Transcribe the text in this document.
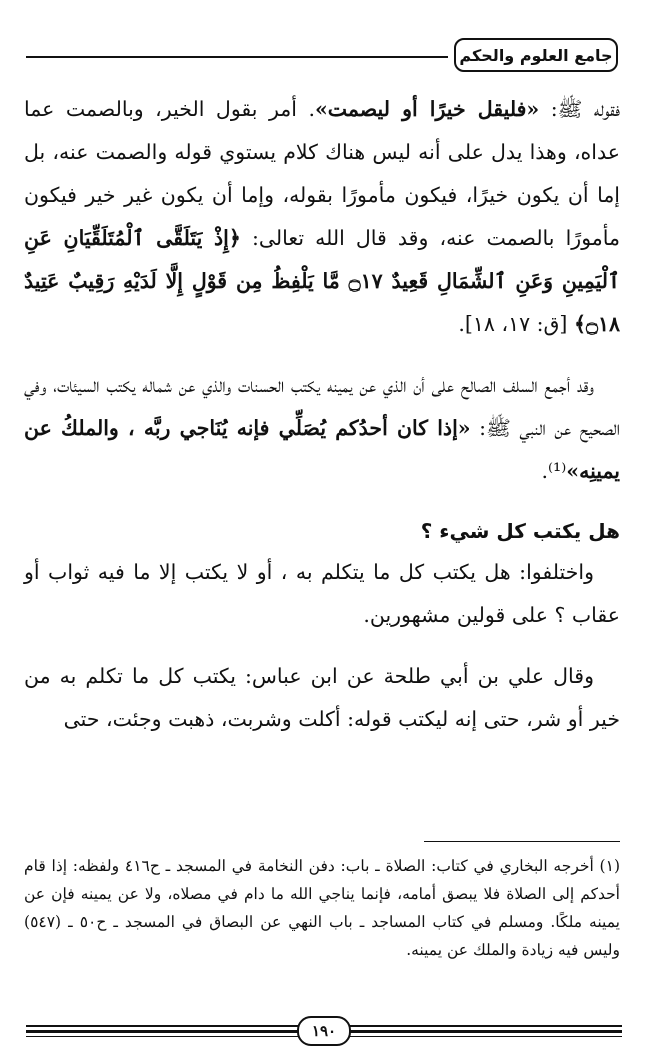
جامع العلوم والحكم

فقوله ﷺ: «فليقل خيرًا أو ليصمت». أمر بقول الخير، وبالصمت عما عداه، وهذا يدل على أنه ليس هناك كلام يستوي قوله والصمت عنه، بل إما أن يكون خيرًا، فيكون مأمورًا بقوله، وإما أن يكون غير خير فيكون مأمورًا بالصمت عنه، وقد قال الله تعالى: ﴿إِذْ يَتَلَقَّى ٱلْمُتَلَقِّيَانِ عَنِ ٱلْيَمِينِ وَعَنِ ٱلشِّمَالِ قَعِيدٌ ۝١٧ مَّا يَلْفِظُ مِن قَوْلٍ إِلَّا لَدَيْهِ رَقِيبٌ عَتِيدٌ ۝١٨﴾ [ق: ١٧، ١٨].

وقد أجمع السلف الصالح على أن الذي عن يمينه يكتب الحسنات والذي عن شماله يكتب السيئات، وفي الصحيح عن النبي ﷺ: «إذا كان أحدُكم يُصَلِّي فإنه يُنَاجي ربَّه ، والملكُ عن يمينِه»⁽¹⁾.

هل يكتب كل شيء ؟

واختلفوا: هل يكتب كل ما يتكلم به ، أو لا يكتب إلا ما فيه ثواب أو عقاب ؟ على قولين مشهورين.

وقال علي بن أبي طلحة عن ابن عباس: يكتب كل ما تكلم به من خير أو شر، حتى إنه ليكتب قوله: أكلت وشربت، ذهبت وجئت، حتى

(١) أخرجه البخاري في كتاب: الصلاة ـ باب: دفن النخامة في المسجد ـ ح٤١٦ ولفظه: إذا قام أحدكم إلى الصلاة فلا يبصق أمامه، فإنما يناجي الله ما دام في مصلاه، ولا عن يمينه فإن عن يمينه ملكًا. ومسلم في كتاب المساجد ـ باب النهي عن البصاق في المسجد ـ ح٥٠ ـ (٥٤٧) وليس فيه زيادة والملك عن يمينه.

١٩٠
